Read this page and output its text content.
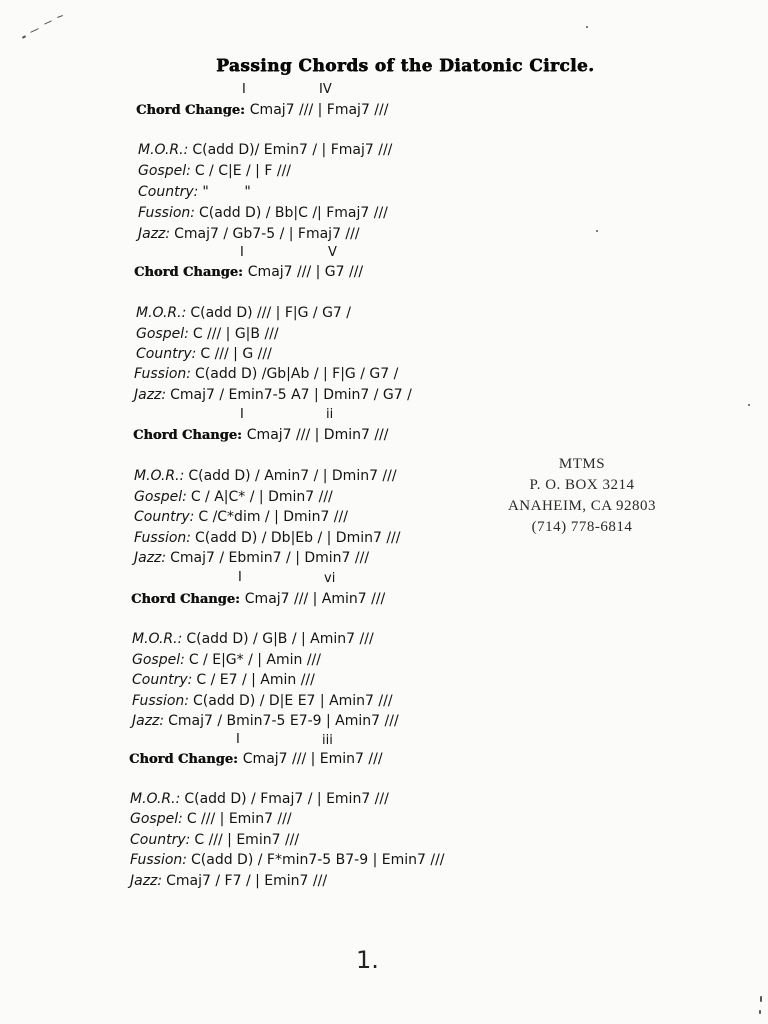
Passing Chords of the Diatonic Circle.
I	IV
Chord Change: Cmaj7 /// | Fmaj7 ///
M.O.R.: C(add D)/ Emin7 / | Fmaj7 ///
Gospel: C / C|E / | F ///
Country: "        "
Fussion: C(add D) / Bb|C /| Fmaj7 ///
Jazz: Cmaj7 / Gb7-5 / | Fmaj7 ///
I	V
Chord Change: Cmaj7 /// | G7 ///
M.O.R.: C(add D) /// | F|G / G7 /
Gospel: C /// | G|B ///
Country: C /// | G ///
Fussion: C(add D) /Gb|Ab / | F|G / G7 /
Jazz: Cmaj7 / Emin7-5 A7 | Dmin7 / G7 /
I	ii
Chord Change: Cmaj7 /// | Dmin7 ///
M.O.R.: C(add D) / Amin7 / | Dmin7 ///
Gospel: C / A|C* / | Dmin7 ///
Country: C /C*dim / | Dmin7 ///
Fussion: C(add D) / Db|Eb / | Dmin7 ///
Jazz: Cmaj7 / Ebmin7 / | Dmin7 ///
I	vi
Chord Change: Cmaj7 /// | Amin7 ///
M.O.R.: C(add D) / G|B / | Amin7 ///
Gospel: C / E|G* / | Amin ///
Country: C / E7 / | Amin ///
Fussion: C(add D) / D|E E7 | Amin7 ///
Jazz: Cmaj7 / Bmin7-5 E7-9 | Amin7 ///
I	iii
Chord Change: Cmaj7 /// | Emin7 ///
M.O.R.: C(add D) / Fmaj7 / | Emin7 ///
Gospel: C /// | Emin7 ///
Country: C /// | Emin7 ///
Fussion: C(add D) / F*min7-5 B7-9 | Emin7 ///
Jazz: Cmaj7 / F7 / | Emin7 ///
MTMS
P. O. BOX 3214
ANAHEIM, CA 92803
(714) 778-6814
1.
